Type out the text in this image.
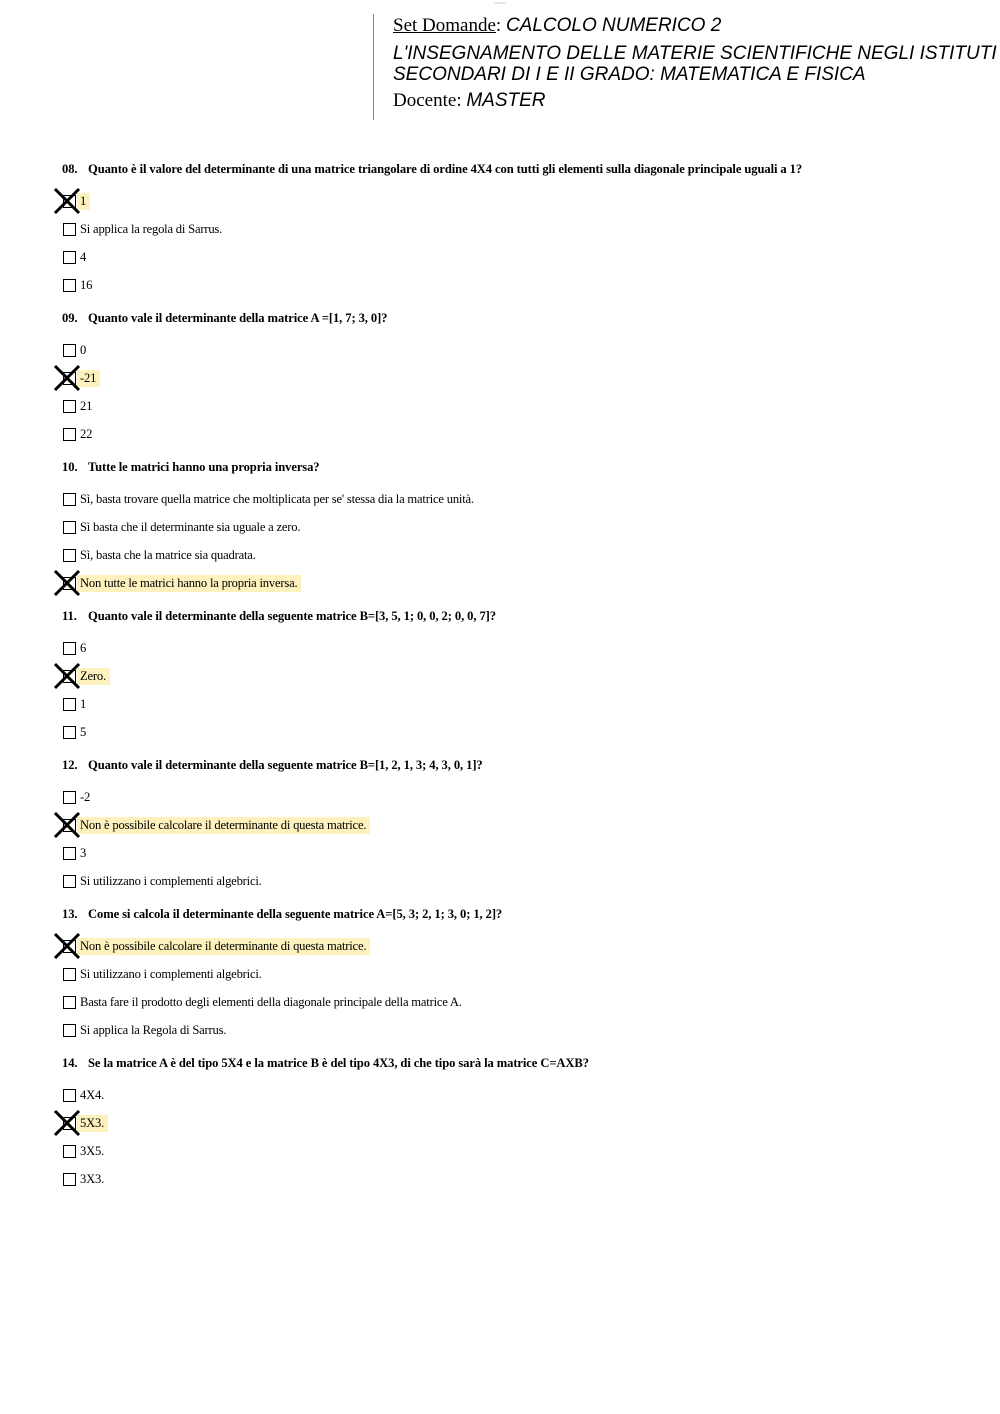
0000000
Set Domande: CALCOLO NUMERICO 2
L'INSEGNAMENTO DELLE MATERIE SCIENTIFICHE NEGLI ISTITUTI SECONDARI DI I E II GRADO: MATEMATICA E FISICA
Docente: MASTER
08. Quanto è il valore del determinante di una matrice triangolare di ordine 4X4 con tutti gli elementi sulla diagonale principale uguali a 1?
1
Si applica la regola di Sarrus.
4
16
09. Quanto vale il determinante della matrice A =[1, 7; 3, 0]?
0
-21
21
22
10. Tutte le matrici hanno una propria inversa?
Sì, basta trovare quella matrice che moltiplicata per se' stessa dia la matrice unità.
Sì basta che il determinante sia uguale a zero.
Sì, basta che la matrice sia quadrata.
Non tutte le matrici hanno la propria inversa.
11. Quanto vale il determinante della seguente matrice B=[3, 5, 1; 0, 0, 2; 0, 0, 7]?
6
Zero.
1
5
12. Quanto vale il determinante della seguente matrice B=[1, 2, 1, 3; 4, 3, 0, 1]?
-2
Non è possibile calcolare il determinante di questa matrice.
3
Si utilizzano i complementi algebrici.
13. Come si calcola il determinante della seguente matrice A=[5, 3; 2, 1; 3, 0; 1, 2]?
Non è possibile calcolare il determinante di questa matrice.
Si utilizzano i complementi algebrici.
Basta fare il prodotto degli elementi della diagonale principale della matrice A.
Si applica la Regola di Sarrus.
14. Se la matrice A è del tipo 5X4 e la matrice B è del tipo 4X3, di che tipo sarà la matrice C=AXB?
4X4.
5X3.
3X5.
3X3.
